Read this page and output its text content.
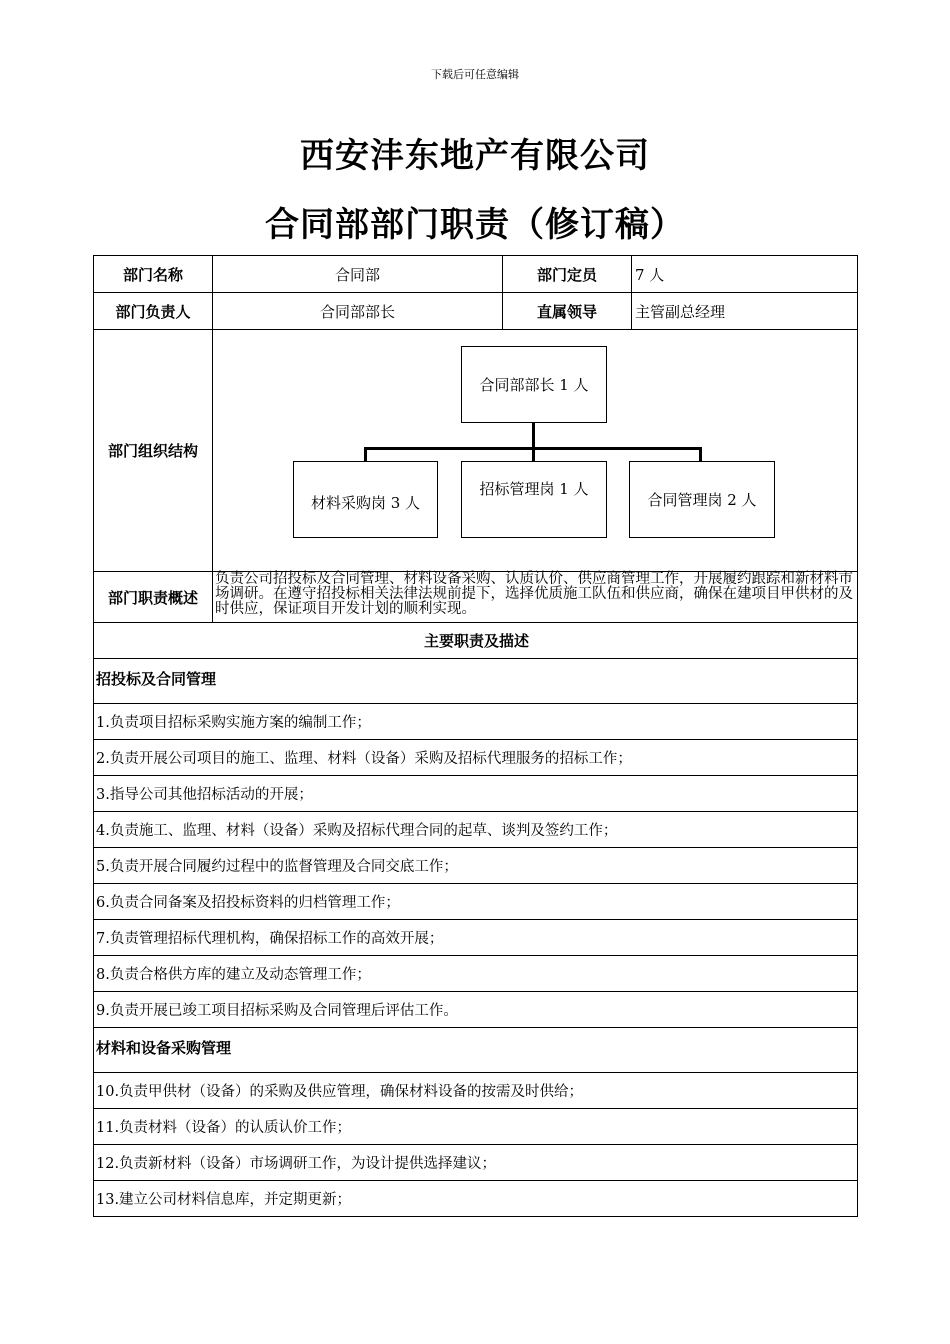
下载后可任意编辑
西安沣东地产有限公司
合同部部门职责（修订稿）
部门名称	合同部	部门定员	7 人
部门负责人	合同部部长	直属领导	主管副总经理
部门组织结构	合同部部长 1 人
材料采购岗 3 人
招标管理岗 1 人
合同管理岗 2 人		

部门职责概述	负责公司招投标及合同管理、材料设备采购、认质认价、供应商管理工作，开展履约跟踪和新材料市场调研。在遵守招投标相关法律法规前提下，选择优质施工队伍和供应商，确保在建项目甲供材的及时供应，保证项目开发计划的顺利实现。		
主要职责及描述			
招投标及合同管理			
1.负责项目招标采购实施方案的编制工作；			
2.负责开展公司项目的施工、监理、材料（设备）采购及招标代理服务的招标工作；			
3.指导公司其他招标活动的开展；			
4.负责施工、监理、材料（设备）采购及招标代理合同的起草、谈判及签约工作；			
5.负责开展合同履约过程中的监督管理及合同交底工作；			
6.负责合同备案及招投标资料的归档管理工作；			
7.负责管理招标代理机构，确保招标工作的高效开展；			
8.负责合格供方库的建立及动态管理工作；			
9.负责开展已竣工项目招标采购及合同管理后评估工作。			
材料和设备采购管理			
10.负责甲供材（设备）的采购及供应管理，确保材料设备的按需及时供给；			
11.负责材料（设备）的认质认价工作；			
12.负责新材料（设备）市场调研工作，为设计提供选择建议；			
13.建立公司材料信息库，并定期更新；			
